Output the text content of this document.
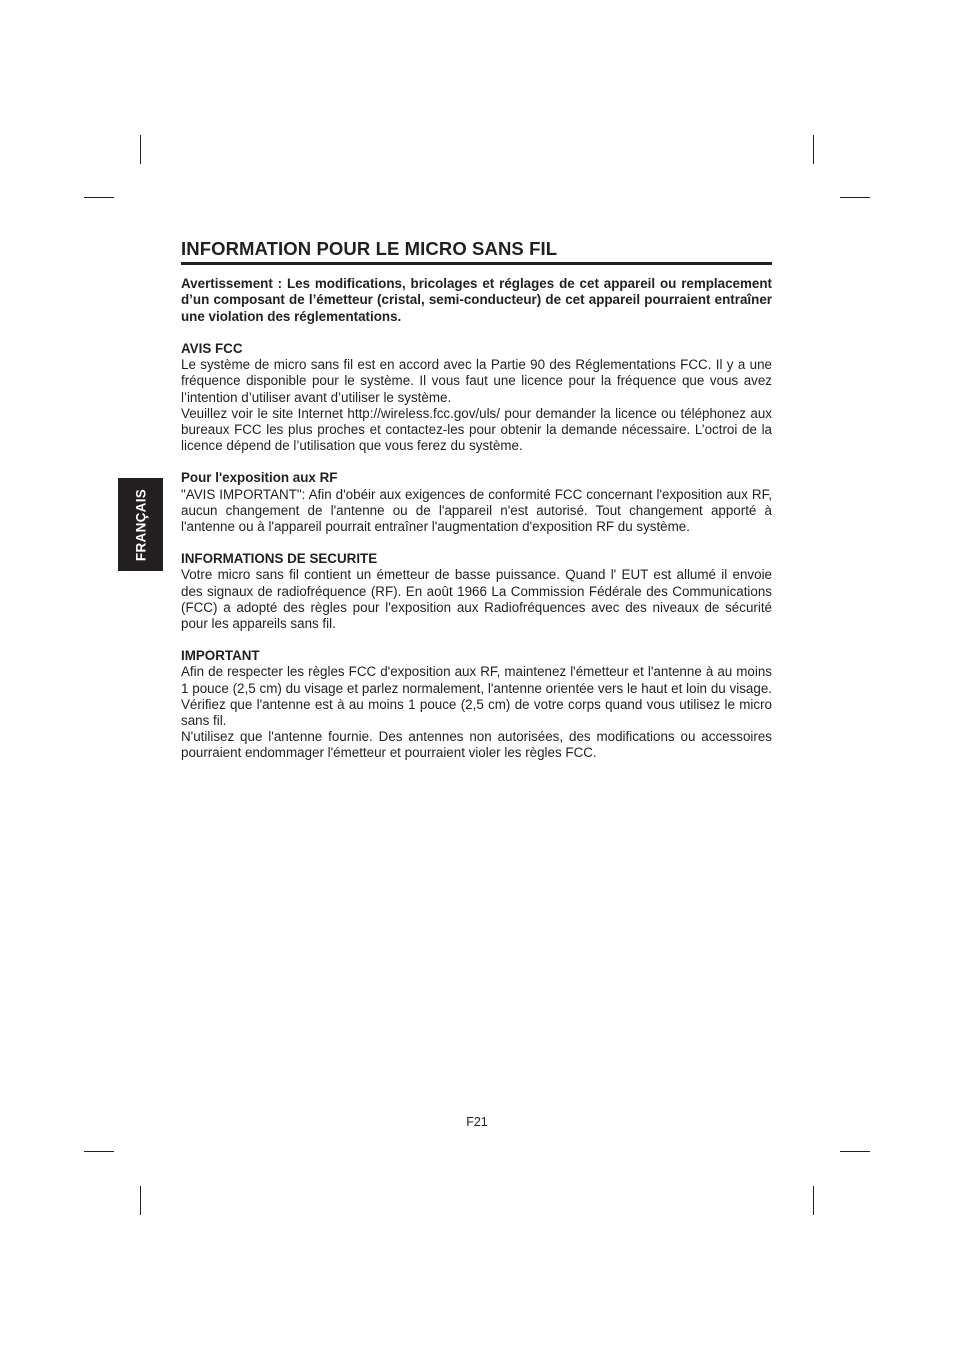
FRANÇAIS
INFORMATION POUR LE MICRO SANS FIL

Avertissement : Les modifications, bricolages et réglages de cet appareil ou remplacement d’un composant de l’émetteur (cristal, semi-conducteur) de cet appareil pourraient entraîner une violation des réglementations.

AVIS FCC

Le système de micro sans fil est en accord avec la Partie 90 des Réglementations FCC. Il y a une fréquence disponible pour le système. Il vous faut une licence pour la fréquence que vous avez l’intention d’utiliser avant d’utiliser le système.

Veuillez voir le site Internet http://wireless.fcc.gov/uls/ pour demander la licence ou téléphonez aux bureaux FCC les plus proches et contactez-les pour obtenir la demande nécessaire. L’octroi de la licence dépend de l’utilisation que vous ferez du système.

Pour l'exposition aux RF

"AVIS IMPORTANT": Afin d'obéir aux exigences de conformité FCC concernant l'exposition aux RF, aucun changement de l'antenne ou de l'appareil n'est autorisé. Tout changement apporté à l'antenne ou à l'appareil pourrait entraîner l'augmentation d'exposition RF du système.

INFORMATIONS DE SECURITE

Votre micro sans fil contient un émetteur de basse puissance. Quand l' EUT est allumé il envoie des signaux de radiofréquence (RF). En août 1966 La Commission Fédérale des Communications (FCC) a adopté des règles pour l'exposition aux Radiofréquences avec des niveaux de sécurité pour les appareils sans fil.

IMPORTANT

Afin de respecter les règles FCC d'exposition aux RF, maintenez l'émetteur et l'antenne à au moins 1 pouce (2,5 cm) du visage et parlez normalement, l'antenne orientée vers le haut et loin du visage. Vérifiez que l'antenne est à au moins 1 pouce (2,5 cm) de votre corps quand vous utilisez le micro sans fil.

N'utilisez que l'antenne fournie. Des antennes non autorisées, des modifications ou accessoires pourraient endommager l'émetteur et pourraient violer les règles FCC.

F21
